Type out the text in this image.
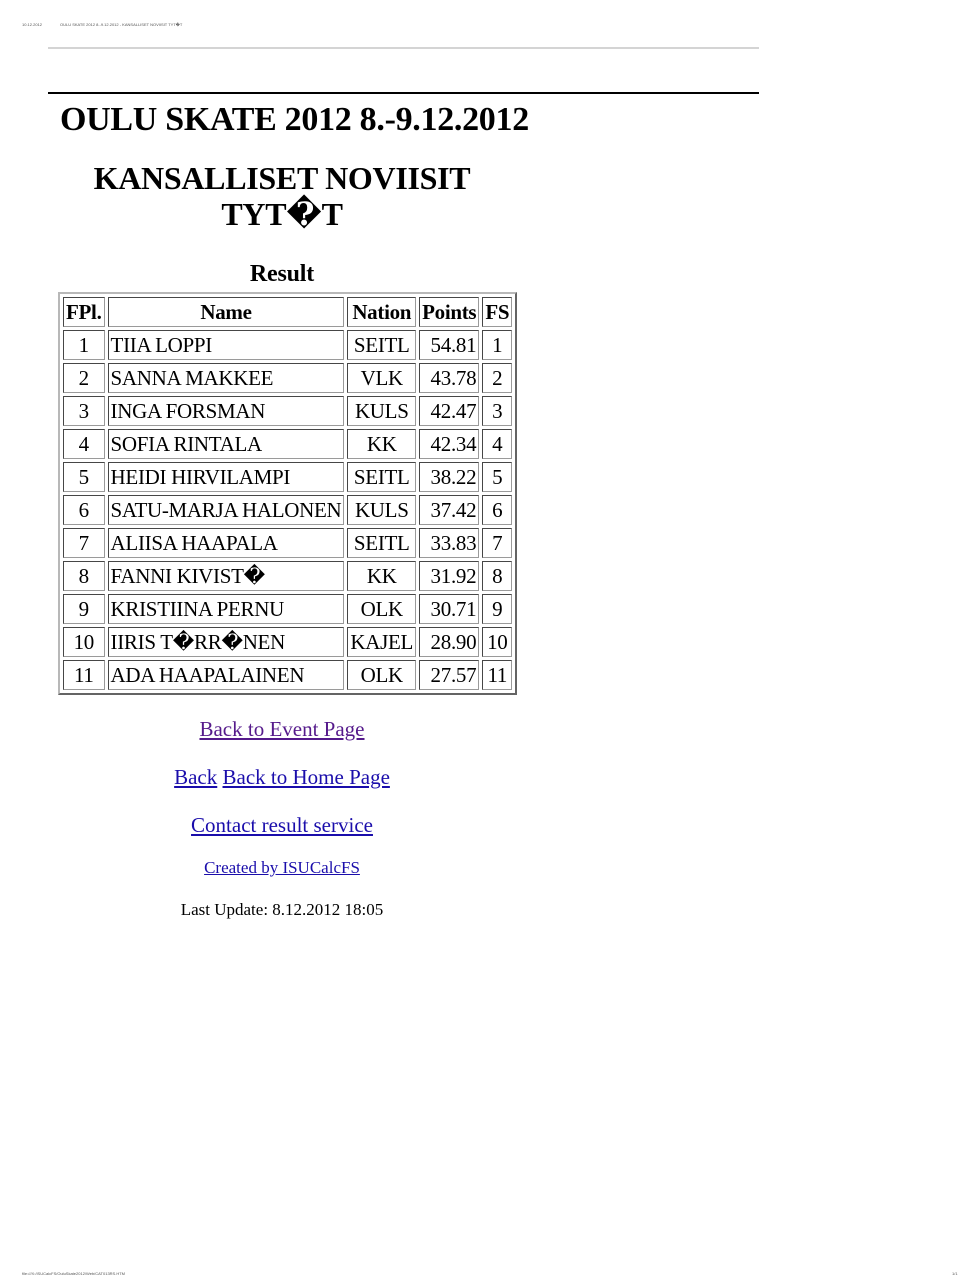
10.12.2012	OULU SKATE 2012 8.-9.12.2012 - KANSALLISET NOVIISIT TYT�T
OULU SKATE 2012 8.-9.12.2012
KANSALLISET NOVIISIT
TYT�T
Result
FPl.	Name	Nation	Points	FS
1	TIIA LOPPI	SEITL	54.81	1
2	SANNA MAKKEE	VLK	43.78	2
3	INGA FORSMAN	KULS	42.47	3
4	SOFIA RINTALA	KK	42.34	4
5	HEIDI HIRVILAMPI	SEITL	38.22	5
6	SATU-MARJA HALONEN	KULS	37.42	6
7	ALIISA HAAPALA	SEITL	33.83	7
8	FANNI KIVIST�	KK	31.92	8
9	KRISTIINA PERNU	OLK	30.71	9
10	IIRIS T�RR�NEN	KAJEL	28.90	10
11	ADA HAAPALAINEN	OLK	27.57	11

Back to Event Page

Back Back to Home Page

Contact result service

Created by ISUCalcFS

Last Update: 8.12.2012 18:05

file:///X:/ISUCalcFS/OuluSkate2012/Web/CAT013RS.HTM	1/1
